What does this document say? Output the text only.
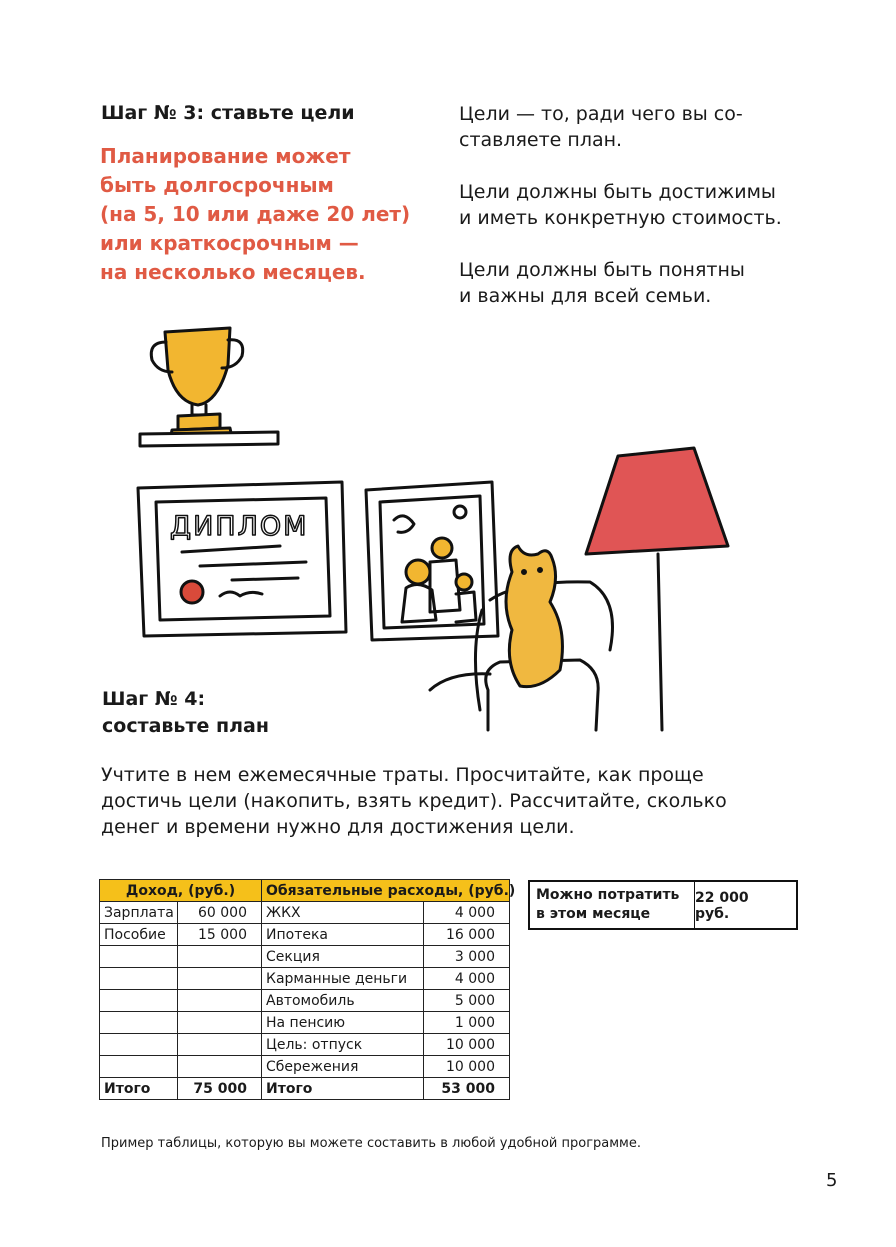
Шаг № 3: ставьте цели
Планирование может
быть долгосрочным
(на 5, 10 или даже 20 лет)
или краткосрочным —
на несколько месяцев.
Цели — то, ради чего вы со-
ставляете план.
Цели должны быть достижимы
и иметь конкретную стоимость.
Цели должны быть понятны
и важны для всей семьи.
ДИПЛОМ
Шаг № 4:
составьте план
Учтите в нем ежемесячные траты. Просчитайте, как проще
достичь цели (накопить, взять кредит). Рассчитайте, сколько
денег и времени нужно для достижения цели.
Доход, (руб.)		Обязательные расходы, (руб.)	
Зарплата	60 000	ЖКХ	4 000
Пособие	15 000	Ипотека	16 000
		Секция	3 000
		Карманные деньги	4 000
		Автомобиль	5 000
		На пенсию	1 000
		Цель: отпуск	10 000
		Сбережения	10 000
Итого	75 000	Итого	53 000
Можно потратить
в этом месяце
22 000 руб.
Пример таблицы, которую вы можете составить в любой удобной программе.
5
